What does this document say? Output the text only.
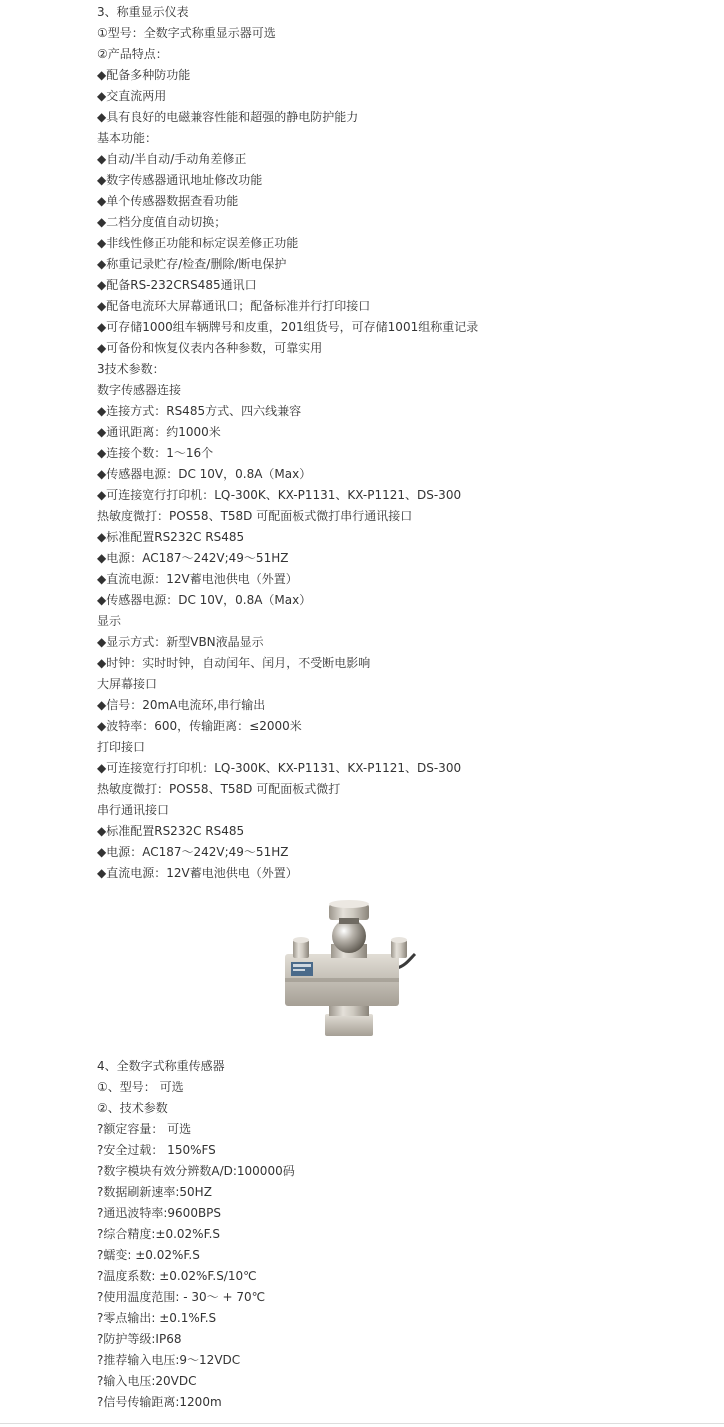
3、称重显示仪表
①型号：全数字式称重显示器可选
②产品特点：
◆配备多种防功能
◆交直流两用
◆具有良好的电磁兼容性能和超强的静电防护能力
基本功能：
◆自动/半自动/手动角差修正
◆数字传感器通讯地址修改功能
◆单个传感器数据查看功能
◆二档分度值自动切换；
◆非线性修正功能和标定误差修正功能
◆称重记录贮存/检查/删除/断电保护
◆配备RS-232CRS485通讯口
◆配备电流环大屏幕通讯口；配备标准并行打印接口
◆可存储1000组车辆牌号和皮重，201组货号，可存储1001组称重记录
◆可备份和恢复仪表内各种参数，可靠实用
3技术参数：
数字传感器连接
◆连接方式：RS485方式、四六线兼容
◆通讯距离：约1000米
◆连接个数：1～16个
◆传感器电源：DC 10V，0.8A（Max）
◆可连接宽行打印机：LQ-300K、KX-P1131、KX-P1121、DS-300
热敏度微打：POS58、T58D 可配面板式微打串行通讯接口
◆标准配置RS232C RS485
◆电源：AC187～242V;49～51HZ
◆直流电源：12V蓄电池供电（外置）
◆传感器电源：DC 10V，0.8A（Max）
显示
◆显示方式：新型VBN液晶显示
◆时钟：实时时钟，自动闰年、闰月，不受断电影响
大屏幕接口
◆信号：20mA电流环,串行输出
◆波特率：600，传输距离：≤2000米
打印接口
◆可连接宽行打印机：LQ-300K、KX-P1131、KX-P1121、DS-300
热敏度微打：POS58、T58D 可配面板式微打
串行通讯接口
◆标准配置RS232C RS485
◆电源：AC187～242V;49～51HZ
◆直流电源：12V蓄电池供电（外置）
4、全数字式称重传感器
①、型号： 可选
②、技术参数
?额定容量： 可选
?安全过载： 150%FS
?数字模块有效分辨数A/D:100000码
?数据刷新速率:50HZ
?通迅波特率:9600BPS
?综合精度:±0.02%F.S
?蠕变: ±0.02%F.S
?温度系数: ±0.02%F.S/10℃
?使用温度范围: - 30～ + 70℃
?零点输出: ±0.1%F.S
?防护等级:IP68
?推荐输入电压:9～12VDC
?输入电压:20VDC
?信号传输距离:1200m
